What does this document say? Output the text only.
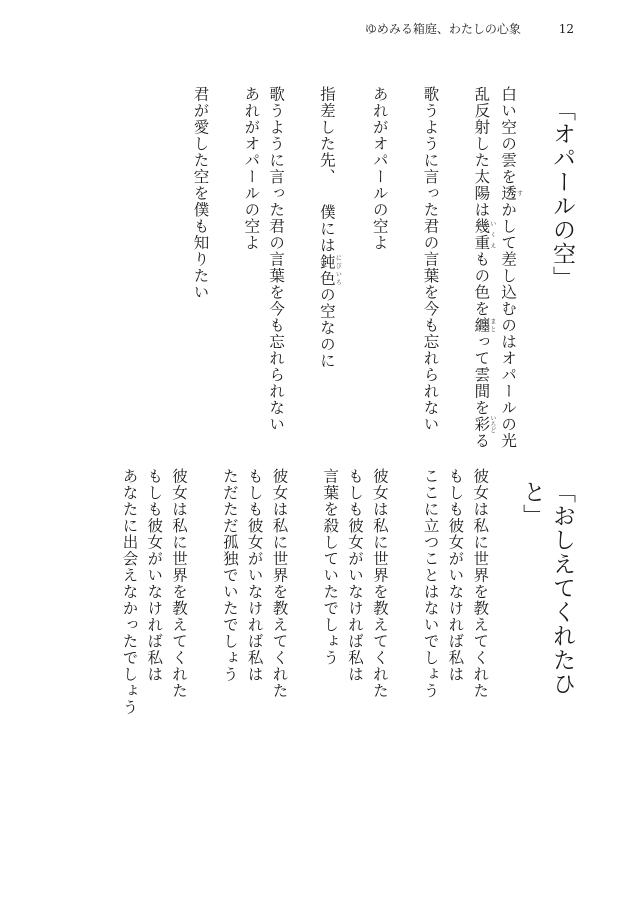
ゆめみる箱庭、わたしの心象	12
「オパールの空」
白い空の雲を透すかして差し込むのはオパールの光
乱反射した太陽は幾重いくえもの色を纏まとって雲間を彩いろどる
歌うように言った君の言葉を今も忘れられない
あれがオパールの空よ
指差した先、 僕には鈍色にびいろの空なのに
歌うように言った君の言葉を今も忘れられない
あれがオパールの空よ
君が愛した空を僕も知りたい
「おしえてくれたひと」
彼女は私に世界を教えてくれた
もしも彼女がいなければ私は
ここに立つことはないでしょう
彼女は私に世界を教えてくれた
もしも彼女がいなければ私は
言葉を殺していたでしょう
彼女は私に世界を教えてくれた
もしも彼女がいなければ私は
ただただ孤独でいたでしょう
彼女は私に世界を教えてくれた
もしも彼女がいなければ私は
あなたに出会えなかったでしょう
